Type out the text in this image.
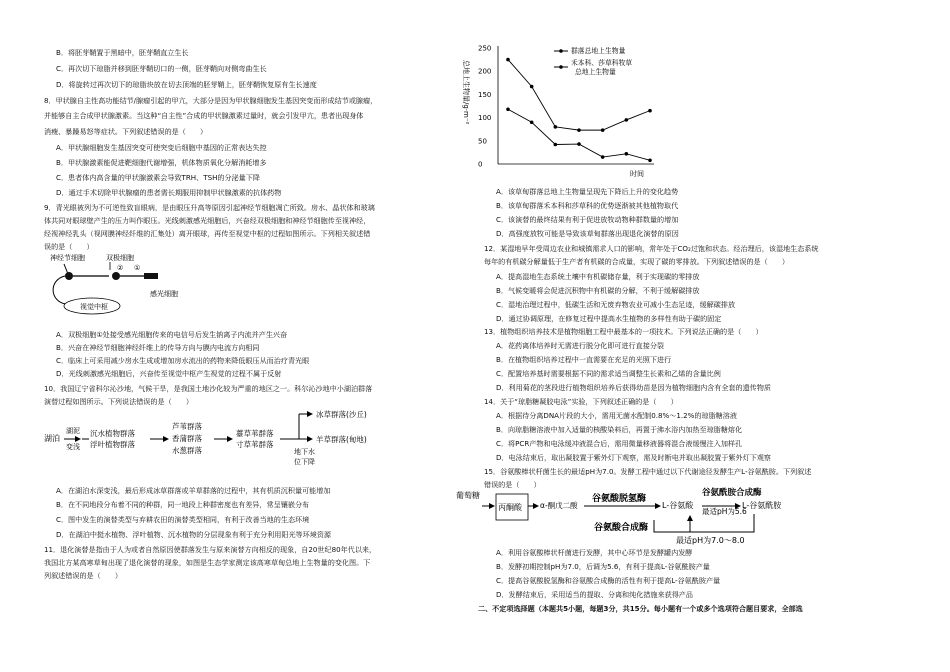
B．将胚芽鞘置于黑暗中，胚芽鞘直立生长
C．再次切下琼脂并移到胚芽鞘切口的一侧，胚芽鞘向对侧弯曲生长
D．将旋转过再次切下的琼脂块放在切去顶端的胚芽鞘上，胚芽鞘恢复原有生长速度
8．甲状腺自主性高功能结节/腺瘤引起的甲亢，大部分是因为甲状腺细胞发生基因突变而形成结节或腺瘤，
并能够自主合成甲状腺激素。当这种“自主性”合成的甲状腺激素过量时，就会引发甲亢，患者出现身体
消瘦、暴躁易怒等症状。下列叙述错误的是（　　）
A．甲状腺细胞发生基因突变可使突变后细胞中基因的正常表达失控
B．甲状腺激素能促进靶细胞代谢增强，机体物质氧化分解消耗增多
C．患者体内高含量的甲状腺激素会导致TRH、TSH的分泌量下降
D．通过手术切除甲状腺瘤的患者需长期服用抑制甲状腺激素的抗体药物
9．青光眼被列为不可逆性致盲眼病，是由眼压升高等原因引起神经节细胞凋亡所致。房水、晶状体和玻璃
体共同对眼球壁产生的压力叫作眼压。光线刺激感光细胞后，兴奋经双极细胞和神经节细胞传至视神经，
经视神经乳头（视网膜神经纤维的汇集处）离开眼球，再传至视觉中枢的过程如图所示。下列相关叙述错
误的是（　　）
神经节细胞	双极细胞
①
②
感光细胞
视觉中枢
A．双极细胞①处接受感光细胞传来的电信号后发生钠离子内流并产生兴奋
B．兴奋在神经节细胞神经纤维上的传导方向与膜内电流方向相同
C．临床上可采用减少房水生成或增加房水流出的药物来降低眼压从而治疗青光眼
D．光线刺激感光细胞后，兴奋传至视觉中枢产生视觉的过程不属于反射
10．我国辽宁省科尔沁沙地，气候干旱，是我国土地沙化较为严重的地区之一。科尔沁沙地中小湖泊群落
演替过程如图所示。下列说法错误的是（　　）
湖泊
湖泥
变浅
沉水植物群落
浮叶植物群落
芦苇群落
香蒲群落
水葱群落
薹草苇群落
寸草苇群落
冰草群落(沙丘)
地下水
位下降
羊草群落(甸地)
A．在湖泊水深变浅，最后形成冰草群落或羊草群落的过程中，其有机质沉积量可能增加
B．在不同地段分布着不同的种群，同一地段上种群密度也有差异，常呈镶嵌分布
C．图中发生的演替类型与弃耕农田的演替类型相同，有利于改善当地的生态环境
D．在湖泊中挺水植物、浮叶植物、沉水植物的分层现象有利于充分利用阳光等环境资源
11．退化演替是指由于人为或者自然原因使群落发生与原来演替方向相反的现象，自20世纪80年代以来，
我国北方某高寒草甸出现了退化演替的现象，如图是生态学家测定该高寒草甸总地上生物量的变化图。下
列叙述错误的是（　　）
总地上生物量/g·m⁻²
250
200
150
100
50
0
时间
群落总地上生物量
禾本科、莎草科牧草
总地上生物量
A．该草甸群落总地上生物量呈现先下降后上升的变化趋势
B．该草甸群落禾本科和莎草科的优势逐渐被其他植物取代
C．该演替的最终结果有利于促进放牧动物种群数量的增加
D．高强度放牧可能是导致该草甸群落出现退化演替的原因
12．某湿地早年受周边农业和城镇需求人口的影响，常年处于CO₂过饱和状态。经治理后，该湿地生态系统
每年的有机碳分解量低于生产者有机碳的合成量，实现了碳的零排放。下列叙述错误的是（　　）
A．提高湿地生态系统土壤中有机碳储存量，利于实现碳的零排放
B．气候变暖将会促进沉积物中有机碳的分解，不利于缓解碳排放
C．湿地治理过程中，低碳生活和无废弃物农业可减小生态足迹，缓解碳排放
D．通过协调原理，在修复过程中提高水生植物的多样性有助于碳的固定
13．植物组织培养技术是植物细胞工程中最基本的一项技术。下列说法正确的是（　　）
A．花药离体培养时无需进行脱分化即可进行直接分裂
B．在植物组织培养过程中一直需要在充足的光照下进行
C．配置培养基时需要根据不同的需求适当调整生长素和乙烯的含量比例
D．利用菊花的茎段进行植物组织培养后获得幼苗是因为植物细胞内含有全套的遗传物质
14．关于“琼脂糖凝胶电泳”实验，下列叙述正确的是（　　）
A．根据待分离DNA片段的大小，需用无菌水配制0.8%～1.2%的琼脂糖溶液
B．向琼脂糖溶液中加入适量的核酸染料后，再置于沸水浴内加热至琼脂糖熔化
C．将PCR产物和电泳缓冲液混合后，需用微量移液器将混合液缓慢注入加样孔
D．电泳结束后，取出凝胶置于紫外灯下观察，需及时断电并取出凝胶置于紫外灯下观察
15．谷氨酸棒状杆菌生长的最适pH为7.0。发酵工程中通过以下代谢途径发酵生产L-谷氨酰胺。下列叙述
错误的是（　　）
葡萄糖
丙酮酸 α-酮戊二酸
谷氨酸脱氢酶
L-谷氨酸
谷氨酰胺合成酶
最适pH为5.6
L-谷氨酰胺
谷氨酸合成酶
最适pH为7.0～8.0
A．利用谷氨酸棒状杆菌进行发酵，其中心环节是发酵罐内发酵
B．发酵初期控制pH为7.0，后调为5.6，有利于提高L-谷氨酰胺产量
C．提高谷氨酸脱氢酶和谷氨酸合成酶的活性有利于提高L-谷氨酰胺产量
D．发酵结束后，采用适当的提取、分离和纯化措施来获得产品
二、不定项选择题（本题共5小题，每题3分，共15分。每小题有一个或多个选项符合题目要求，全部选
